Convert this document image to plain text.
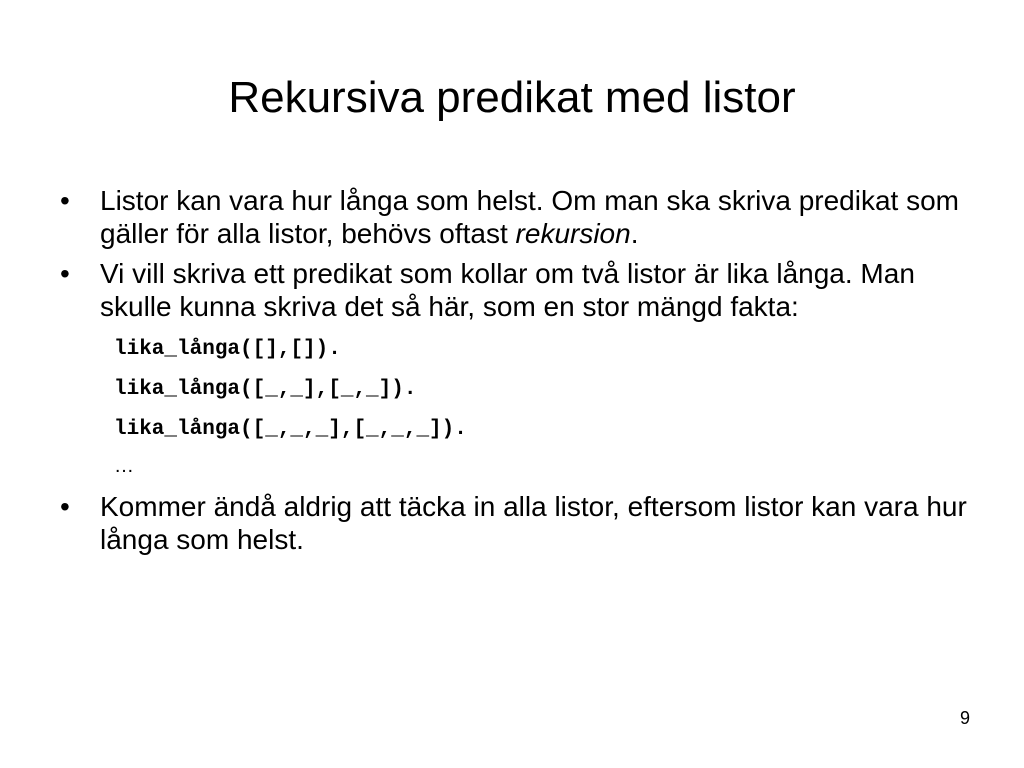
Rekursiva predikat med listor
•	Listor kan vara hur långa som helst. Om man ska skriva predikat som gäller för alla listor, behövs oftast rekursion.
•	Vi vill skriva ett predikat som kollar om två listor är lika långa. Man skulle kunna skriva det så här, som en stor mängd fakta:
lika_långa([],[]).
lika_långa([_,_],[_,_]).
lika_långa([_,_,_],[_,_,_]).
…
•	Kommer ändå aldrig att täcka in alla listor, eftersom listor kan vara hur långa som helst.
9
